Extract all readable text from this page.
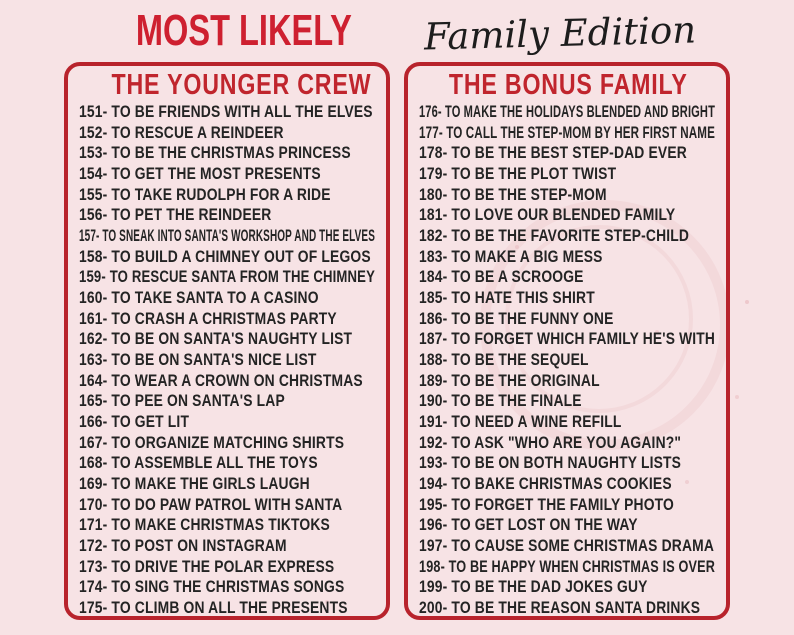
MOST LIKELY Family Edition
THE YOUNGER CREW
151- TO BE FRIENDS WITH ALL THE ELVES
152- TO RESCUE A REINDEER
153- TO BE THE CHRISTMAS PRINCESS
154- TO GET THE MOST PRESENTS
155- TO TAKE RUDOLPH FOR A RIDE
156- TO PET THE REINDEER
157- TO SNEAK INTO SANTA'S WORKSHOP AND THE ELVES
158- TO BUILD A CHIMNEY OUT OF LEGOS
159- TO RESCUE SANTA FROM THE CHIMNEY
160- TO TAKE SANTA TO A CASINO
161- TO CRASH A CHRISTMAS PARTY
162- TO BE ON SANTA'S NAUGHTY LIST
163- TO BE ON SANTA'S NICE LIST
164- TO WEAR A CROWN ON CHRISTMAS
165- TO PEE ON SANTA'S LAP
166- TO GET LIT
167- TO ORGANIZE MATCHING SHIRTS
168- TO ASSEMBLE ALL THE TOYS
169- TO MAKE THE GIRLS LAUGH
170- TO DO PAW PATROL WITH SANTA
171- TO MAKE CHRISTMAS TIKTOKS
172- TO POST ON INSTAGRAM
173- TO DRIVE THE POLAR EXPRESS
174- TO SING THE CHRISTMAS SONGS
175- TO CLIMB ON ALL THE PRESENTS
THE BONUS FAMILY
176- TO MAKE THE HOLIDAYS BLENDED AND BRIGHT
177- TO CALL THE STEP-MOM BY HER FIRST NAME
178- TO BE THE BEST STEP-DAD EVER
179- TO BE THE PLOT TWIST
180- TO BE THE STEP-MOM
181- TO LOVE OUR BLENDED FAMILY
182- TO BE THE FAVORITE STEP-CHILD
183- TO MAKE A BIG MESS
184- TO BE A SCROOGE
185- TO HATE THIS SHIRT
186- TO BE THE FUNNY ONE
187- TO FORGET WHICH FAMILY HE'S WITH
188- TO BE THE SEQUEL
189- TO BE THE ORIGINAL
190- TO BE THE FINALE
191- TO NEED A WINE REFILL
192- TO ASK "WHO ARE YOU AGAIN?"
193- TO BE ON BOTH NAUGHTY LISTS
194- TO BAKE CHRISTMAS COOKIES
195- TO FORGET THE FAMILY PHOTO
196- TO GET LOST ON THE WAY
197- TO CAUSE SOME CHRISTMAS DRAMA
198- TO BE HAPPY WHEN CHRISTMAS IS OVER
199- TO BE THE DAD JOKES GUY
200- TO BE THE REASON SANTA DRINKS
